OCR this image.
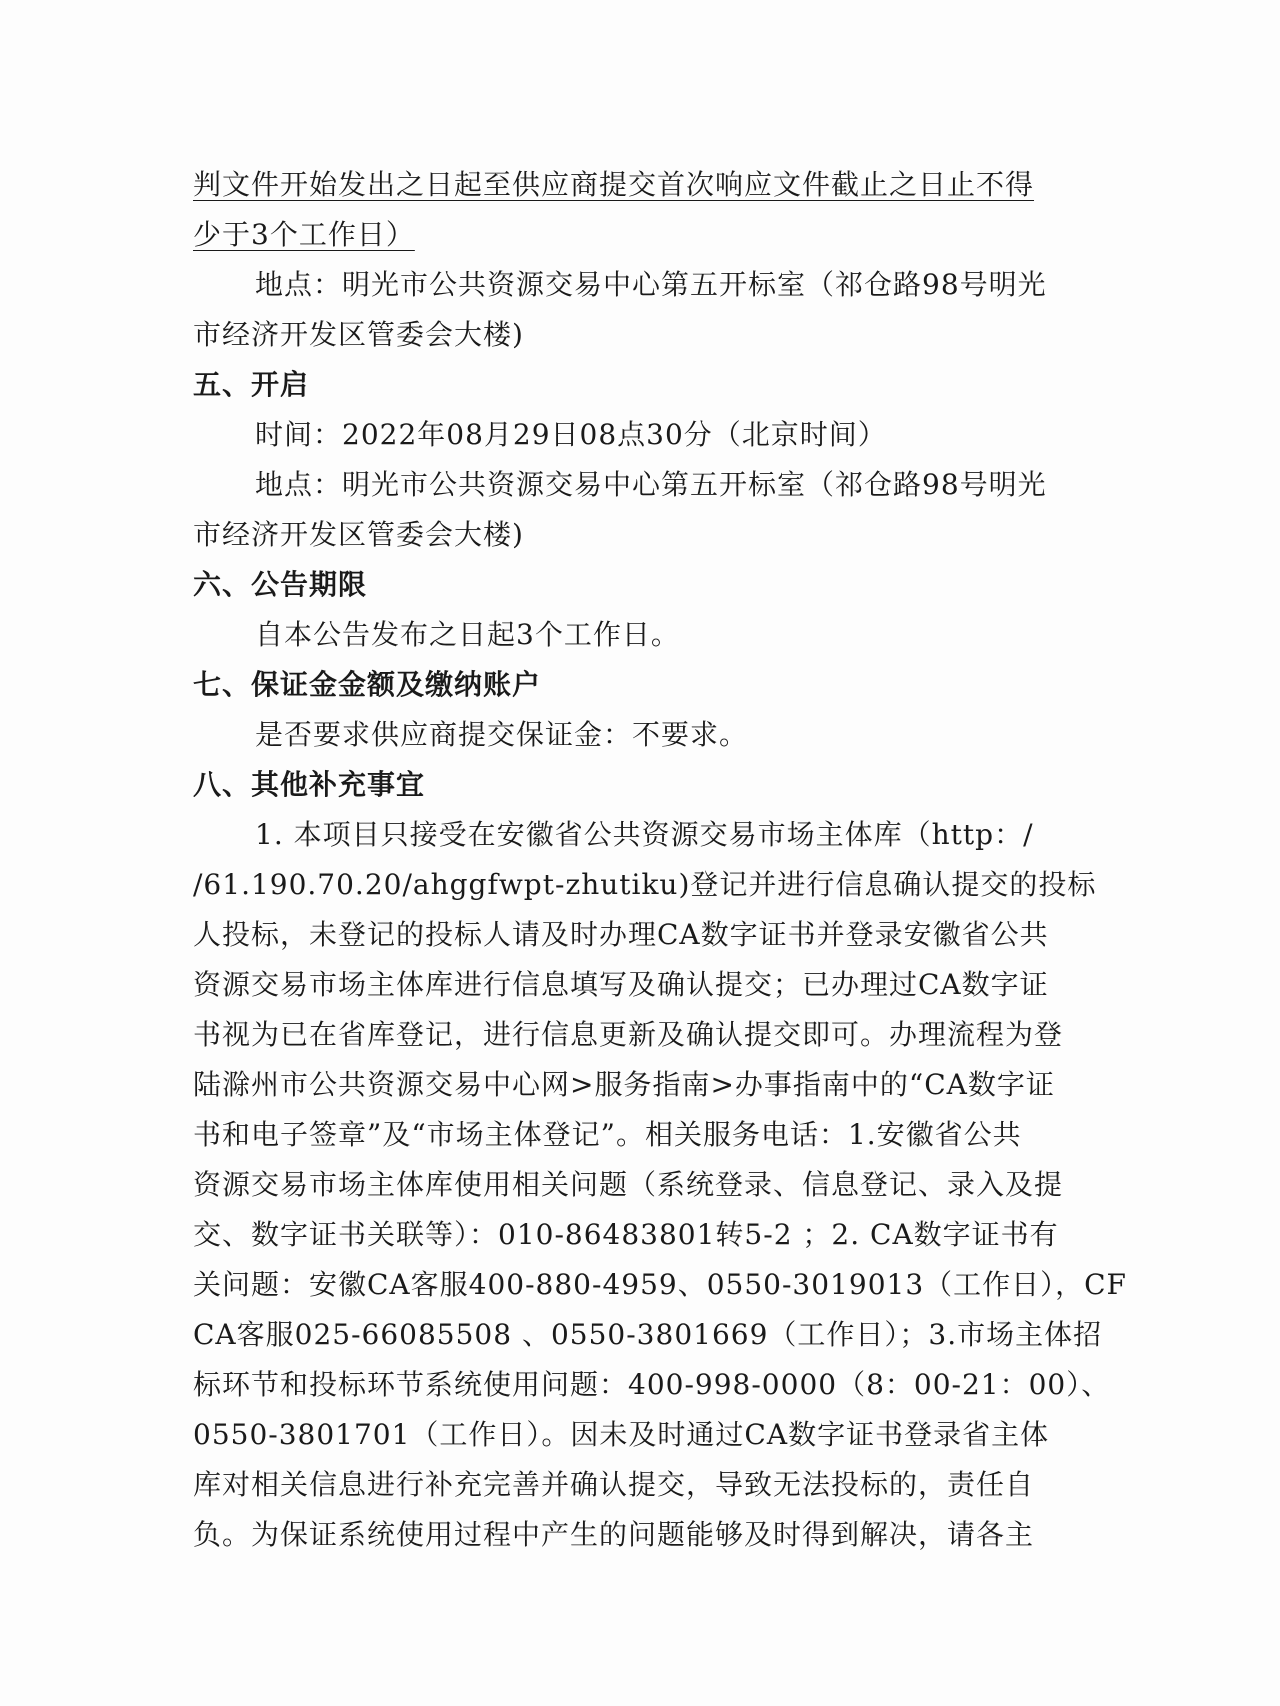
判文件开始发出之日起至供应商提交首次响应文件截止之日止不得
少于3个工作日）
地点：明光市公共资源交易中心第五开标室（祁仓路98号明光
市经济开发区管委会大楼)
五、开启
时间：2022年08月29日08点30分（北京时间）
地点：明光市公共资源交易中心第五开标室（祁仓路98号明光
市经济开发区管委会大楼)
六、公告期限
自本公告发布之日起3个工作日。
七、保证金金额及缴纳账户
是否要求供应商提交保证金：不要求。
八、其他补充事宜
1. 本项目只接受在安徽省公共资源交易市场主体库（http：/
/61.190.70.20/ahggfwpt-zhutiku)登记并进行信息确认提交的投标
人投标，未登记的投标人请及时办理CA数字证书并登录安徽省公共
资源交易市场主体库进行信息填写及确认提交；已办理过CA数字证
书视为已在省库登记，进行信息更新及确认提交即可。办理流程为登
陆滁州市公共资源交易中心网>服务指南>办事指南中的“CA数字证
书和电子签章”及“市场主体登记”。相关服务电话：1.安徽省公共
资源交易市场主体库使用相关问题（系统登录、信息登记、录入及提
交、数字证书关联等）：010-86483801转5-2 ；2. CA数字证书有
关问题：安徽CA客服400-880-4959、0550-3019013（工作日），CF
CA客服025-66085508 、0550-3801669（工作日）；3.市场主体招
标环节和投标环节系统使用问题：400-998-0000（8：00-21：00）、
0550-3801701（工作日）。因未及时通过CA数字证书登录省主体
库对相关信息进行补充完善并确认提交，导致无法投标的，责任自
负。为保证系统使用过程中产生的问题能够及时得到解决，请各主
